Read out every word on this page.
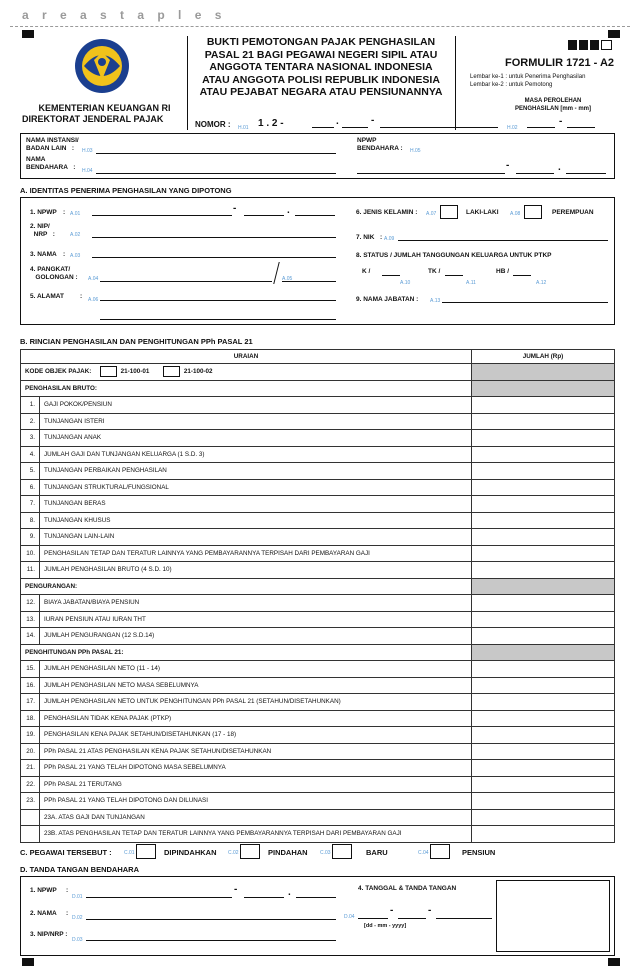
a r e a s t a p l e s
KEMENTERIAN KEUANGAN RI
DIREKTORAT JENDERAL PAJAK
BUKTI PEMOTONGAN PAJAK PENGHASILAN
PASAL 21 BAGI PEGAWAI NEGERI SIPIL ATAU
ANGGOTA TENTARA NASIONAL INDONESIA
ATAU ANGGOTA POLISI REPUBLIK INDONESIA
ATAU PEJABAT NEGARA ATAU PENSIUNANNYA
FORMULIR 1721 - A2
Lembar ke-1 : untuk Penerima Penghasilan
Lembar ke-2 : untuk Pemotong
MASA PEROLEHAN
PENGHASILAN [mm - mm]
NOMOR : H.01 1 . 2 -	.	-
H.02
-
NAMA INSTANSI/
BADAN LAIN   :	H.03
NAMA
BENDAHARA   : H.04
NPWP
BENDAHARA : H.05
-	.
A. IDENTITAS PENERIMA PENGHASILAN YANG DIPOTONG
1. NPWP : A.01	-	.
2. NIP/
NRP   :	A.02
3. NAMA : A.03
4. PANGKAT/
GOLONGAN : A.04	A.05
5. ALAMAT : A.06
6. JENIS KELAMIN : A.07	LAKI-LAKI A.08	PEREMPUAN
7. NIK : A.09
8. STATUS / JUMLAH TANGGUNGAN KELUARGA UNTUK PTKP
K /
A.10
TK /
A.11
HB /
A.12
9. NAMA JABATAN : A.13
B. RINCIAN PENGHASILAN DAN PENGHITUNGAN PPh PASAL 21
URAIAN		JUMLAH (Rp)
KODE OBJEK PAJAK: 21-100-01 21-100-02		
PENGHASILAN BRUTO:		
1.	GAJI POKOK/PENSIUN	
2.	TUNJANGAN ISTERI	
3.	TUNJANGAN ANAK	
4.	JUMLAH GAJI DAN TUNJANGAN KELUARGA (1 S.D. 3)	
5.	TUNJANGAN PERBAIKAN PENGHASILAN	
6.	TUNJANGAN STRUKTURAL/FUNGSIONAL	
7.	TUNJANGAN BERAS	
8.	TUNJANGAN KHUSUS	
9.	TUNJANGAN LAIN-LAIN	
10.	PENGHASILAN TETAP DAN TERATUR LAINNYA YANG PEMBAYARANNYA TERPISAH DARI PEMBAYARAN GAJI	
11.	JUMLAH PENGHASILAN BRUTO (4 S.D. 10)	
PENGURANGAN:		
12.	BIAYA JABATAN/BIAYA PENSIUN	
13.	IURAN PENSIUN ATAU IURAN THT	
14.	JUMLAH PENGURANGAN (12 S.D.14)	
PENGHITUNGAN PPh PASAL 21:		
15.	JUMLAH PENGHASILAN NETO (11 - 14)	
16.	JUMLAH PENGHASILAN NETO MASA SEBELUMNYA	
17.	JUMLAH PENGHASILAN NETO UNTUK PENGHITUNGAN PPh PASAL 21 (SETAHUN/DISETAHUNKAN)	
18.	PENGHASILAN TIDAK KENA PAJAK (PTKP)	
19.	PENGHASILAN KENA PAJAK SETAHUN/DISETAHUNKAN (17 - 18)	
20.	PPh PASAL 21 ATAS PENGHASILAN KENA PAJAK SETAHUN/DISETAHUNKAN	
21.	PPh PASAL 21 YANG TELAH DIPOTONG MASA SEBELUMNYA	
22.	PPh PASAL 21 TERUTANG	
23.	PPh PASAL 21 YANG TELAH DIPOTONG DAN DILUNASI	
	23A. ATAS GAJI DAN TUNJANGAN	
	23B. ATAS PENGHASILAN TETAP DAN TERATUR LAINNYA YANG PEMBAYARANNYA TERPISAH DARI PEMBAYARAN GAJI	
C. PEGAWAI TERSEBUT : C.01	DIPINDAHKAN C.02	PINDAHAN C.03	BARU	C.04	PENSIUN
D. TANDA TANGAN BENDAHARA
1. NPWP :
D.01
-	.
2. NAMA :
D.02
3. NIP/NRP :
D.03
4. TANGGAL & TANDA TANGAN
D.04
-	-
[dd - mm - yyyy]
